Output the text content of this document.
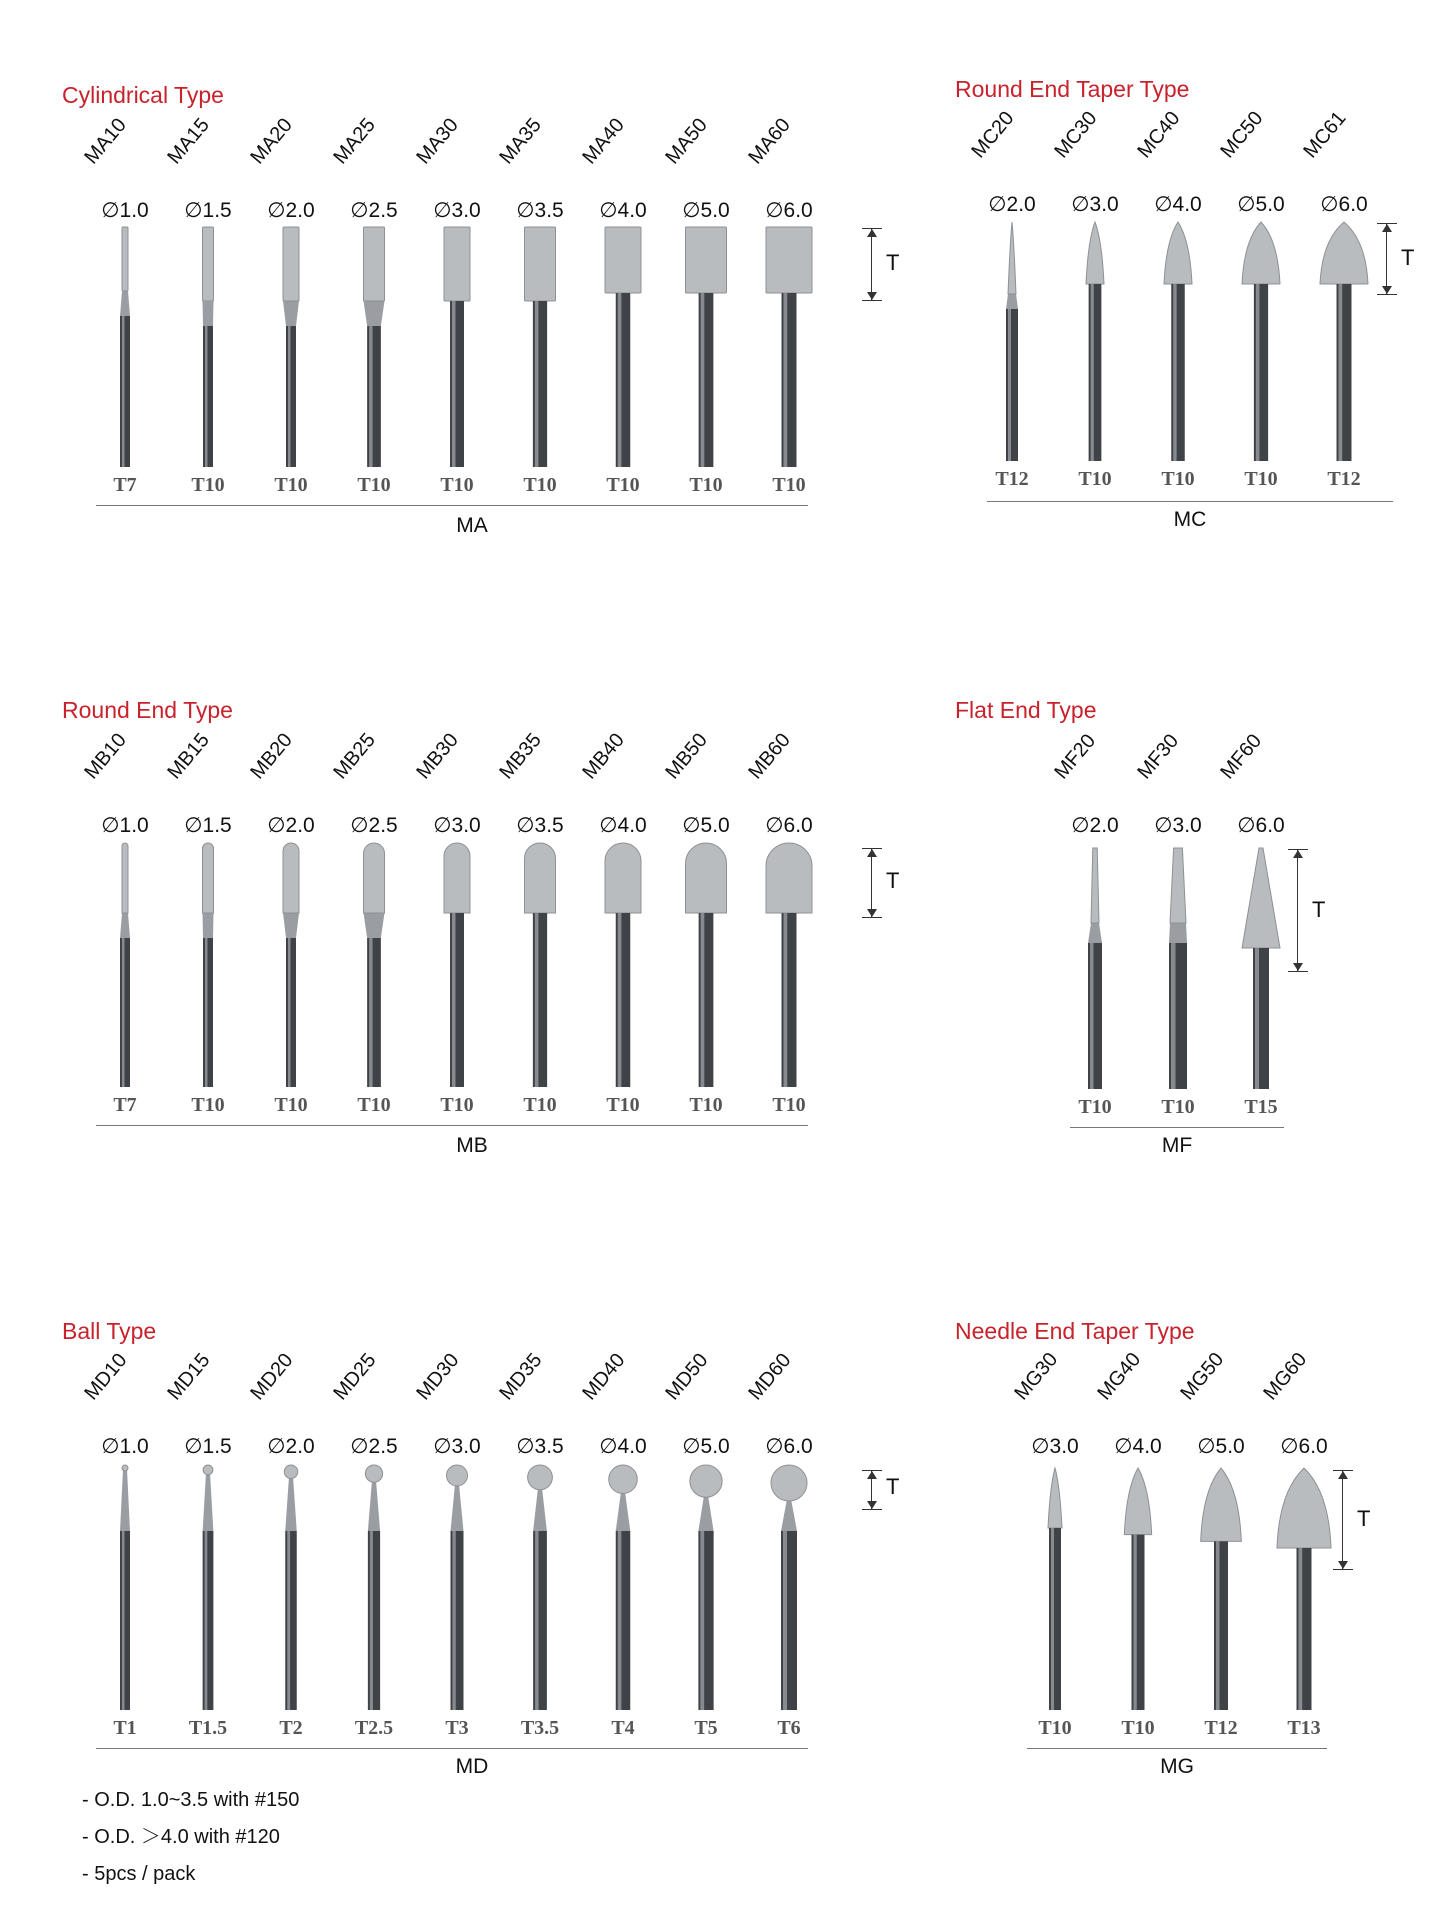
Cylindrical Type
MA10
∅1.0
T7
MA15
∅1.5
T10
MA20
∅2.0
T10
MA25
∅2.5
T10
MA30
∅3.0
T10
MA35
∅3.5
T10
MA40
∅4.0
T10
MA50
∅5.0
T10
MA60
∅6.0
T10
MA
T
Round End Taper Type
MC20
∅2.0
T12
MC30
∅3.0
T10
MC40
∅4.0
T10
MC50
∅5.0
T10
MC61
∅6.0
T12
MC
T
Round End Type
MB10
∅1.0
T7
MB15
∅1.5
T10
MB20
∅2.0
T10
MB25
∅2.5
T10
MB30
∅3.0
T10
MB35
∅3.5
T10
MB40
∅4.0
T10
MB50
∅5.0
T10
MB60
∅6.0
T10
MB
T
Flat End Type
MF20
∅2.0
T10
MF30
∅3.0
T10
MF60
∅6.0
T15
MF
T
Ball Type
MD10
∅1.0
T1
MD15
∅1.5
T1.5
MD20
∅2.0
T2
MD25
∅2.5
T2.5
MD30
∅3.0
T3
MD35
∅3.5
T3.5
MD40
∅4.0
T4
MD50
∅5.0
T5
MD60
∅6.0
T6
MD
T
Needle End Taper Type
MG30
∅3.0
T10
MG40
∅4.0
T10
MG50
∅5.0
T12
MG60
∅6.0
T13
MG
T
- O.D. 1.0~3.5 with #150
- O.D. ＞4.0 with #120
- 5pcs / pack
